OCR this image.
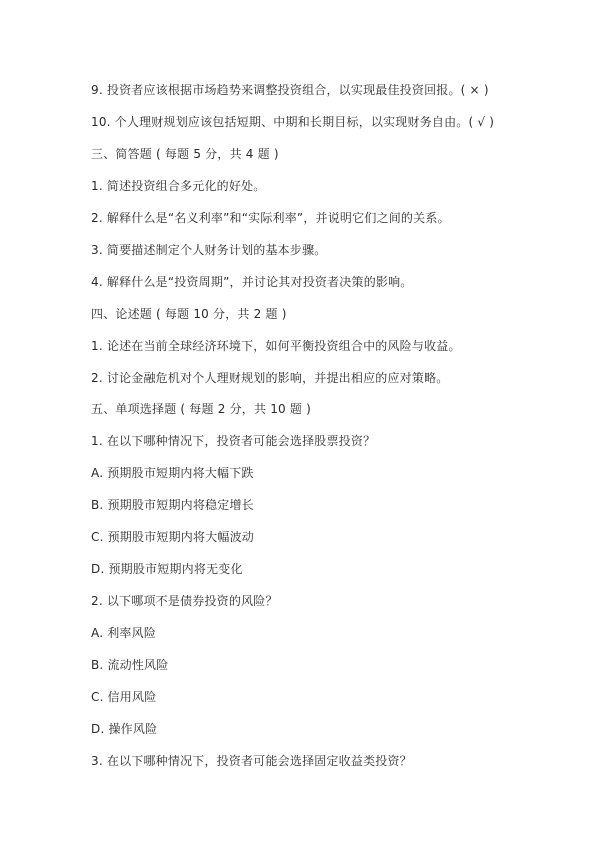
9. 投资者应该根据市场趋势来调整投资组合，以实现最佳投资回报。( × )
10. 个人理财规划应该包括短期、中期和长期目标，以实现财务自由。( √ )
三、简答题 ( 每题 5 分，共 4 题 )
1. 简述投资组合多元化的好处。
2. 解释什么是“名义利率”和“实际利率”，并说明它们之间的关系。
3. 简要描述制定个人财务计划的基本步骤。
4. 解释什么是“投资周期”，并讨论其对投资者决策的影响。
四、论述题 ( 每题 10 分，共 2 题 )
1. 论述在当前全球经济环境下，如何平衡投资组合中的风险与收益。
2. 讨论金融危机对个人理财规划的影响，并提出相应的应对策略。
五、单项选择题 ( 每题 2 分，共 10 题 )
1. 在以下哪种情况下，投资者可能会选择股票投资？
A. 预期股市短期内将大幅下跌
B. 预期股市短期内将稳定增长
C. 预期股市短期内将大幅波动
D. 预期股市短期内将无变化
2. 以下哪项不是债券投资的风险？
A. 利率风险
B. 流动性风险
C. 信用风险
D. 操作风险
3. 在以下哪种情况下，投资者可能会选择固定收益类投资？
